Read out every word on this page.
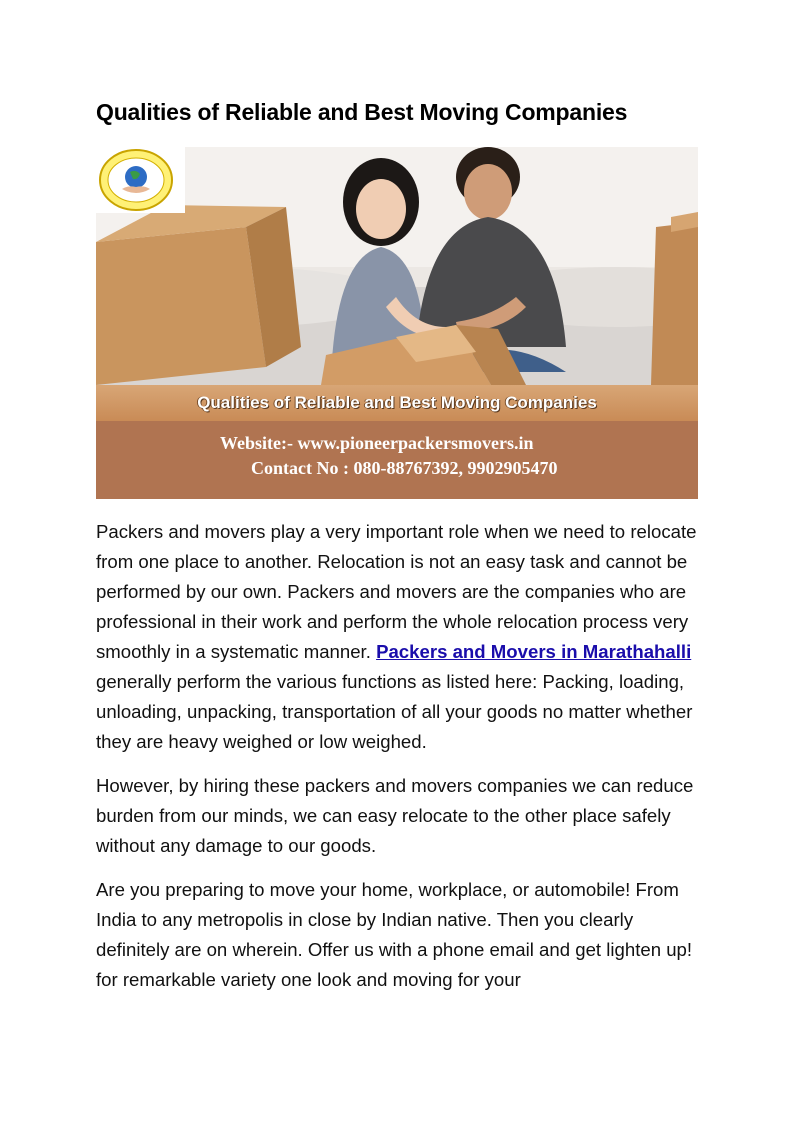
Qualities of Reliable and Best Moving Companies
Qualities of Reliable and Best Moving Companies
Website:- www.pioneerpackersmovers.in
Contact No : 080-88767392, 9902905470

Packers and movers play a very important role when we need to relocate from one place to another. Relocation is not an easy task and cannot be performed by our own. Packers and movers are the companies who are professional in their work and perform the whole relocation process very smoothly in a systematic manner. Packers and Movers in Marathahalli generally perform the various functions as listed here: Packing, loading, unloading, unpacking, transportation of all your goods no matter whether they are heavy weighed or low weighed.

However, by hiring these packers and movers companies we can reduce burden from our minds, we can easy relocate to the other place safely without any damage to our goods.

Are you preparing to move your home, workplace, or automobile! From India to any metropolis in close by Indian native. Then you clearly definitely are on wherein. Offer us with a phone email and get lighten up! for remarkable variety one look and moving for your
